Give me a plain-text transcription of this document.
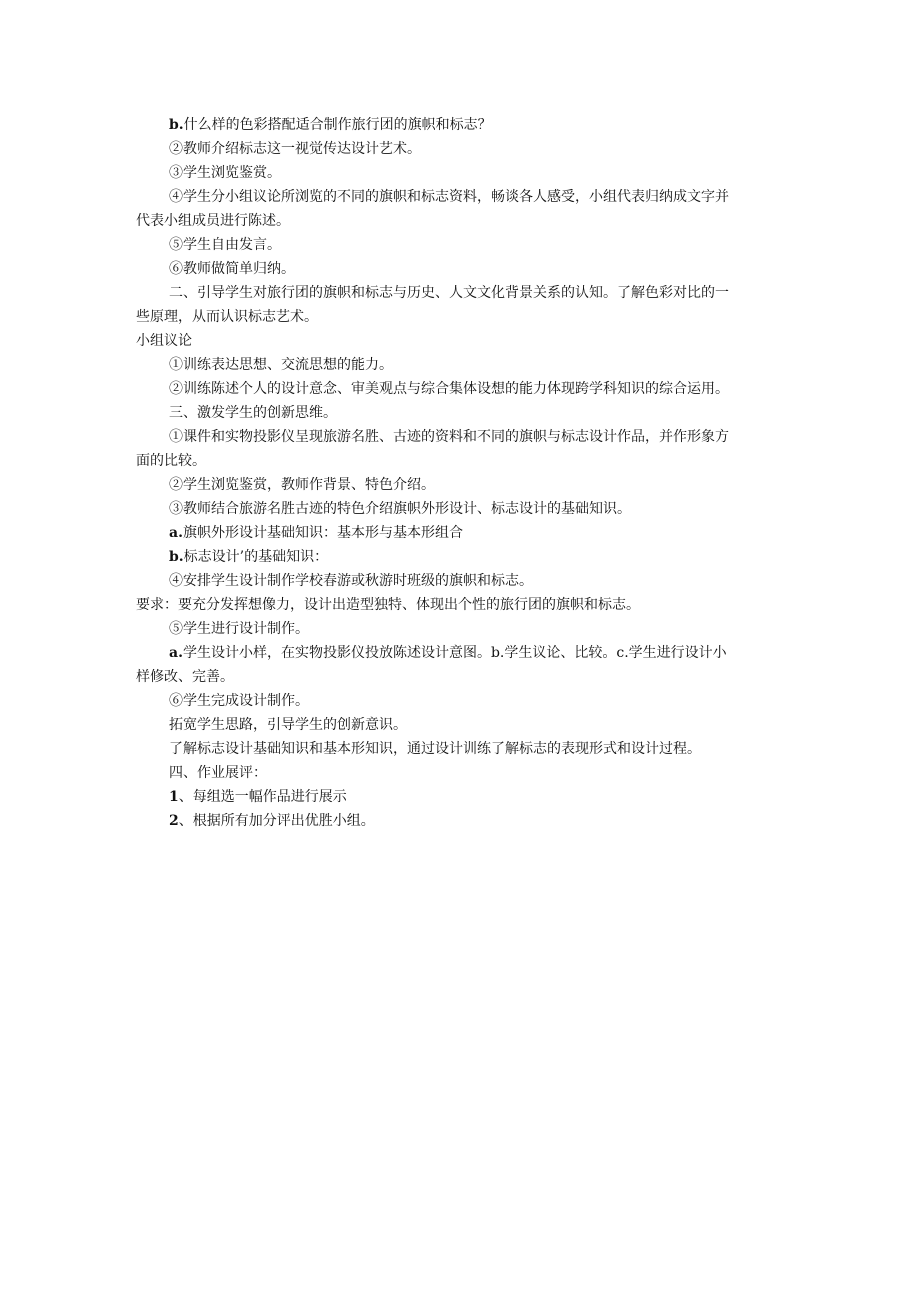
b.什么样的色彩搭配适合制作旅行团的旗帜和标志？
②教师介绍标志这一视觉传达设计艺术。
③学生浏览鉴赏。
④学生分小组议论所浏览的不同的旗帜和标志资料，畅谈各人感受，小组代表归纳成文字并
代表小组成员进行陈述。
⑤学生自由发言。
⑥教师做简单归纳。
二、引导学生对旅行团的旗帜和标志与历史、人文文化背景关系的认知。了解色彩对比的一
些原理，从而认识标志艺术。
小组议论
①训练表达思想、交流思想的能力。
②训练陈述个人的设计意念、审美观点与综合集体设想的能力体现跨学科知识的综合运用。
三、激发学生的创新思维。
①课件和实物投影仪呈现旅游名胜、古迹的资料和不同的旗帜与标志设计作品，并作形象方
面的比较。
②学生浏览鉴赏，教师作背景、特色介绍。
③教师结合旅游名胜古迹的特色介绍旗帜外形设计、标志设计的基础知识。
a.旗帜外形设计基础知识：基本形与基本形组合
b.标志设计’的基础知识：
④安排学生设计制作学校春游或秋游时班级的旗帜和标志。
要求：要充分发挥想像力，设计出造型独特、体现出个性的旅行团的旗帜和标志。
⑤学生进行设计制作。
a.学生设计小样，在实物投影仪投放陈述设计意图。b.学生议论、比较。c.学生进行设计小
样修改、完善。
⑥学生完成设计制作。
拓宽学生思路，引导学生的创新意识。
了解标志设计基础知识和基本形知识，通过设计训练了解标志的表现形式和设计过程。
四、作业展评：
1、每组选一幅作品进行展示
2、根据所有加分评出优胜小组。
